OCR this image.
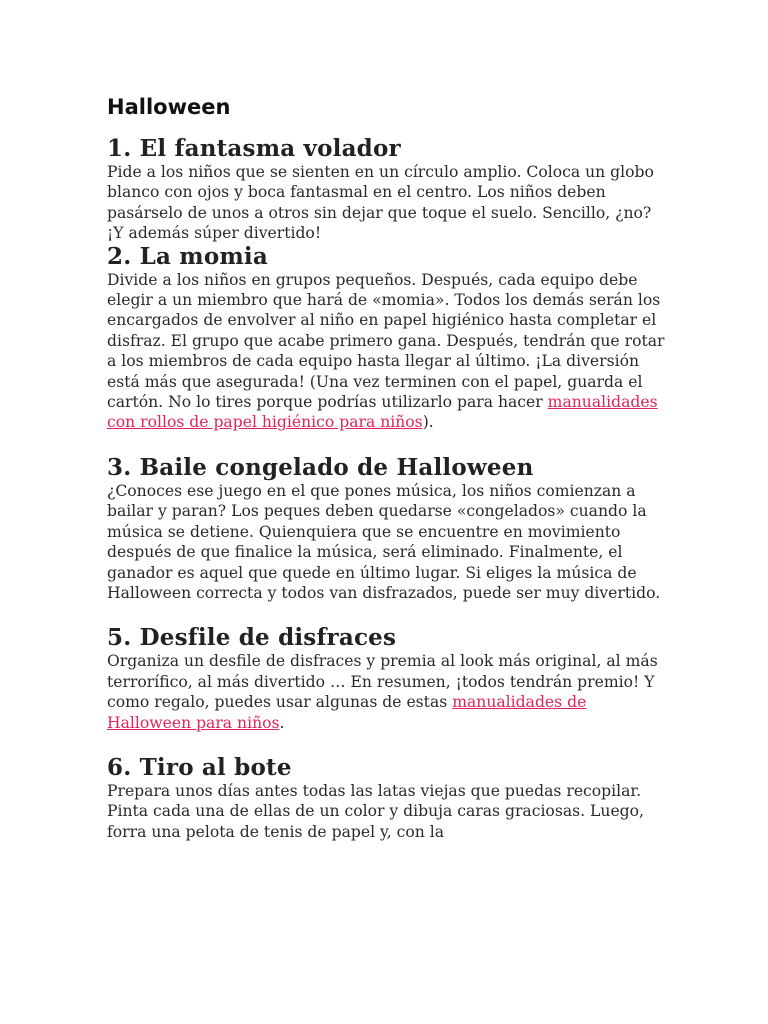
Halloween
1. El fantasma volador

Pide a los niños que se sienten en un círculo amplio. Coloca un globo blanco con ojos y boca fantasmal en el centro. Los niños deben pasárselo de unos a otros sin dejar que toque el suelo. Sencillo, ¿no? ¡Y además súper divertido!

2. La momia

Divide a los niños en grupos pequeños. Después, cada equipo debe elegir a un miembro que hará de «momia». Todos los demás serán los encargados de envolver al niño en papel higiénico hasta completar el disfraz. El grupo que acabe primero gana. Después, tendrán que rotar a los miembros de cada equipo hasta llegar al último. ¡La diversión está más que asegurada! (Una vez terminen con el papel, guarda el cartón. No lo tires porque podrías utilizarlo para hacer manualidades con rollos de papel higiénico para niños).

3. Baile congelado de Halloween

¿Conoces ese juego en el que pones música, los niños comienzan a bailar y paran? Los peques deben quedarse «congelados» cuando la música se detiene. Quienquiera que se encuentre en movimiento después de que finalice la música, será eliminado. Finalmente, el ganador es aquel que quede en último lugar. Si eliges la música de Halloween correcta y todos van disfrazados, puede ser muy divertido.

5. Desfile de disfraces

Organiza un desfile de disfraces y premia al look más original, al más terrorífico, al más divertido … En resumen, ¡todos tendrán premio! Y como regalo, puedes usar algunas de estas manualidades de Halloween para niños.

6. Tiro al bote

Prepara unos días antes todas las latas viejas que puedas recopilar. Pinta cada una de ellas de un color y dibuja caras graciosas. Luego, forra una pelota de tenis de papel y, con la
